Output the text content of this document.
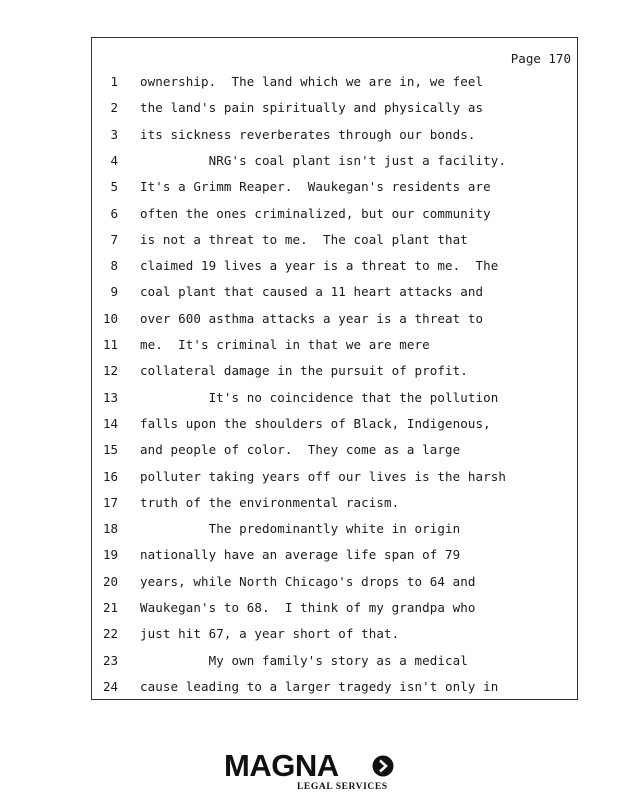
Page 170
1 ownership.  The land which we are in, we feel
2 the land's pain spiritually and physically as
3 its sickness reverberates through our bonds.
4 NRG's coal plant isn't just a facility.
5 It's a Grimm Reaper.  Waukegan's residents are
6 often the ones criminalized, but our community
7 is not a threat to me.  The coal plant that
8 claimed 19 lives a year is a threat to me.  The
9 coal plant that caused a 11 heart attacks and
10 over 600 asthma attacks a year is a threat to
11 me.  It's criminal in that we are mere
12 collateral damage in the pursuit of profit.
13 It's no coincidence that the pollution
14 falls upon the shoulders of Black, Indigenous,
15 and people of color.  They come as a large
16 polluter taking years off our lives is the harsh
17 truth of the environmental racism.
18 The predominantly white in origin
19 nationally have an average life span of 79
20 years, while North Chicago's drops to 64 and
21 Waukegan's to 68.  I think of my grandpa who
22 just hit 67, a year short of that.
23 My own family's story as a medical
24 cause leading to a larger tragedy isn't only in
MAGNA
LEGAL SERVICES
